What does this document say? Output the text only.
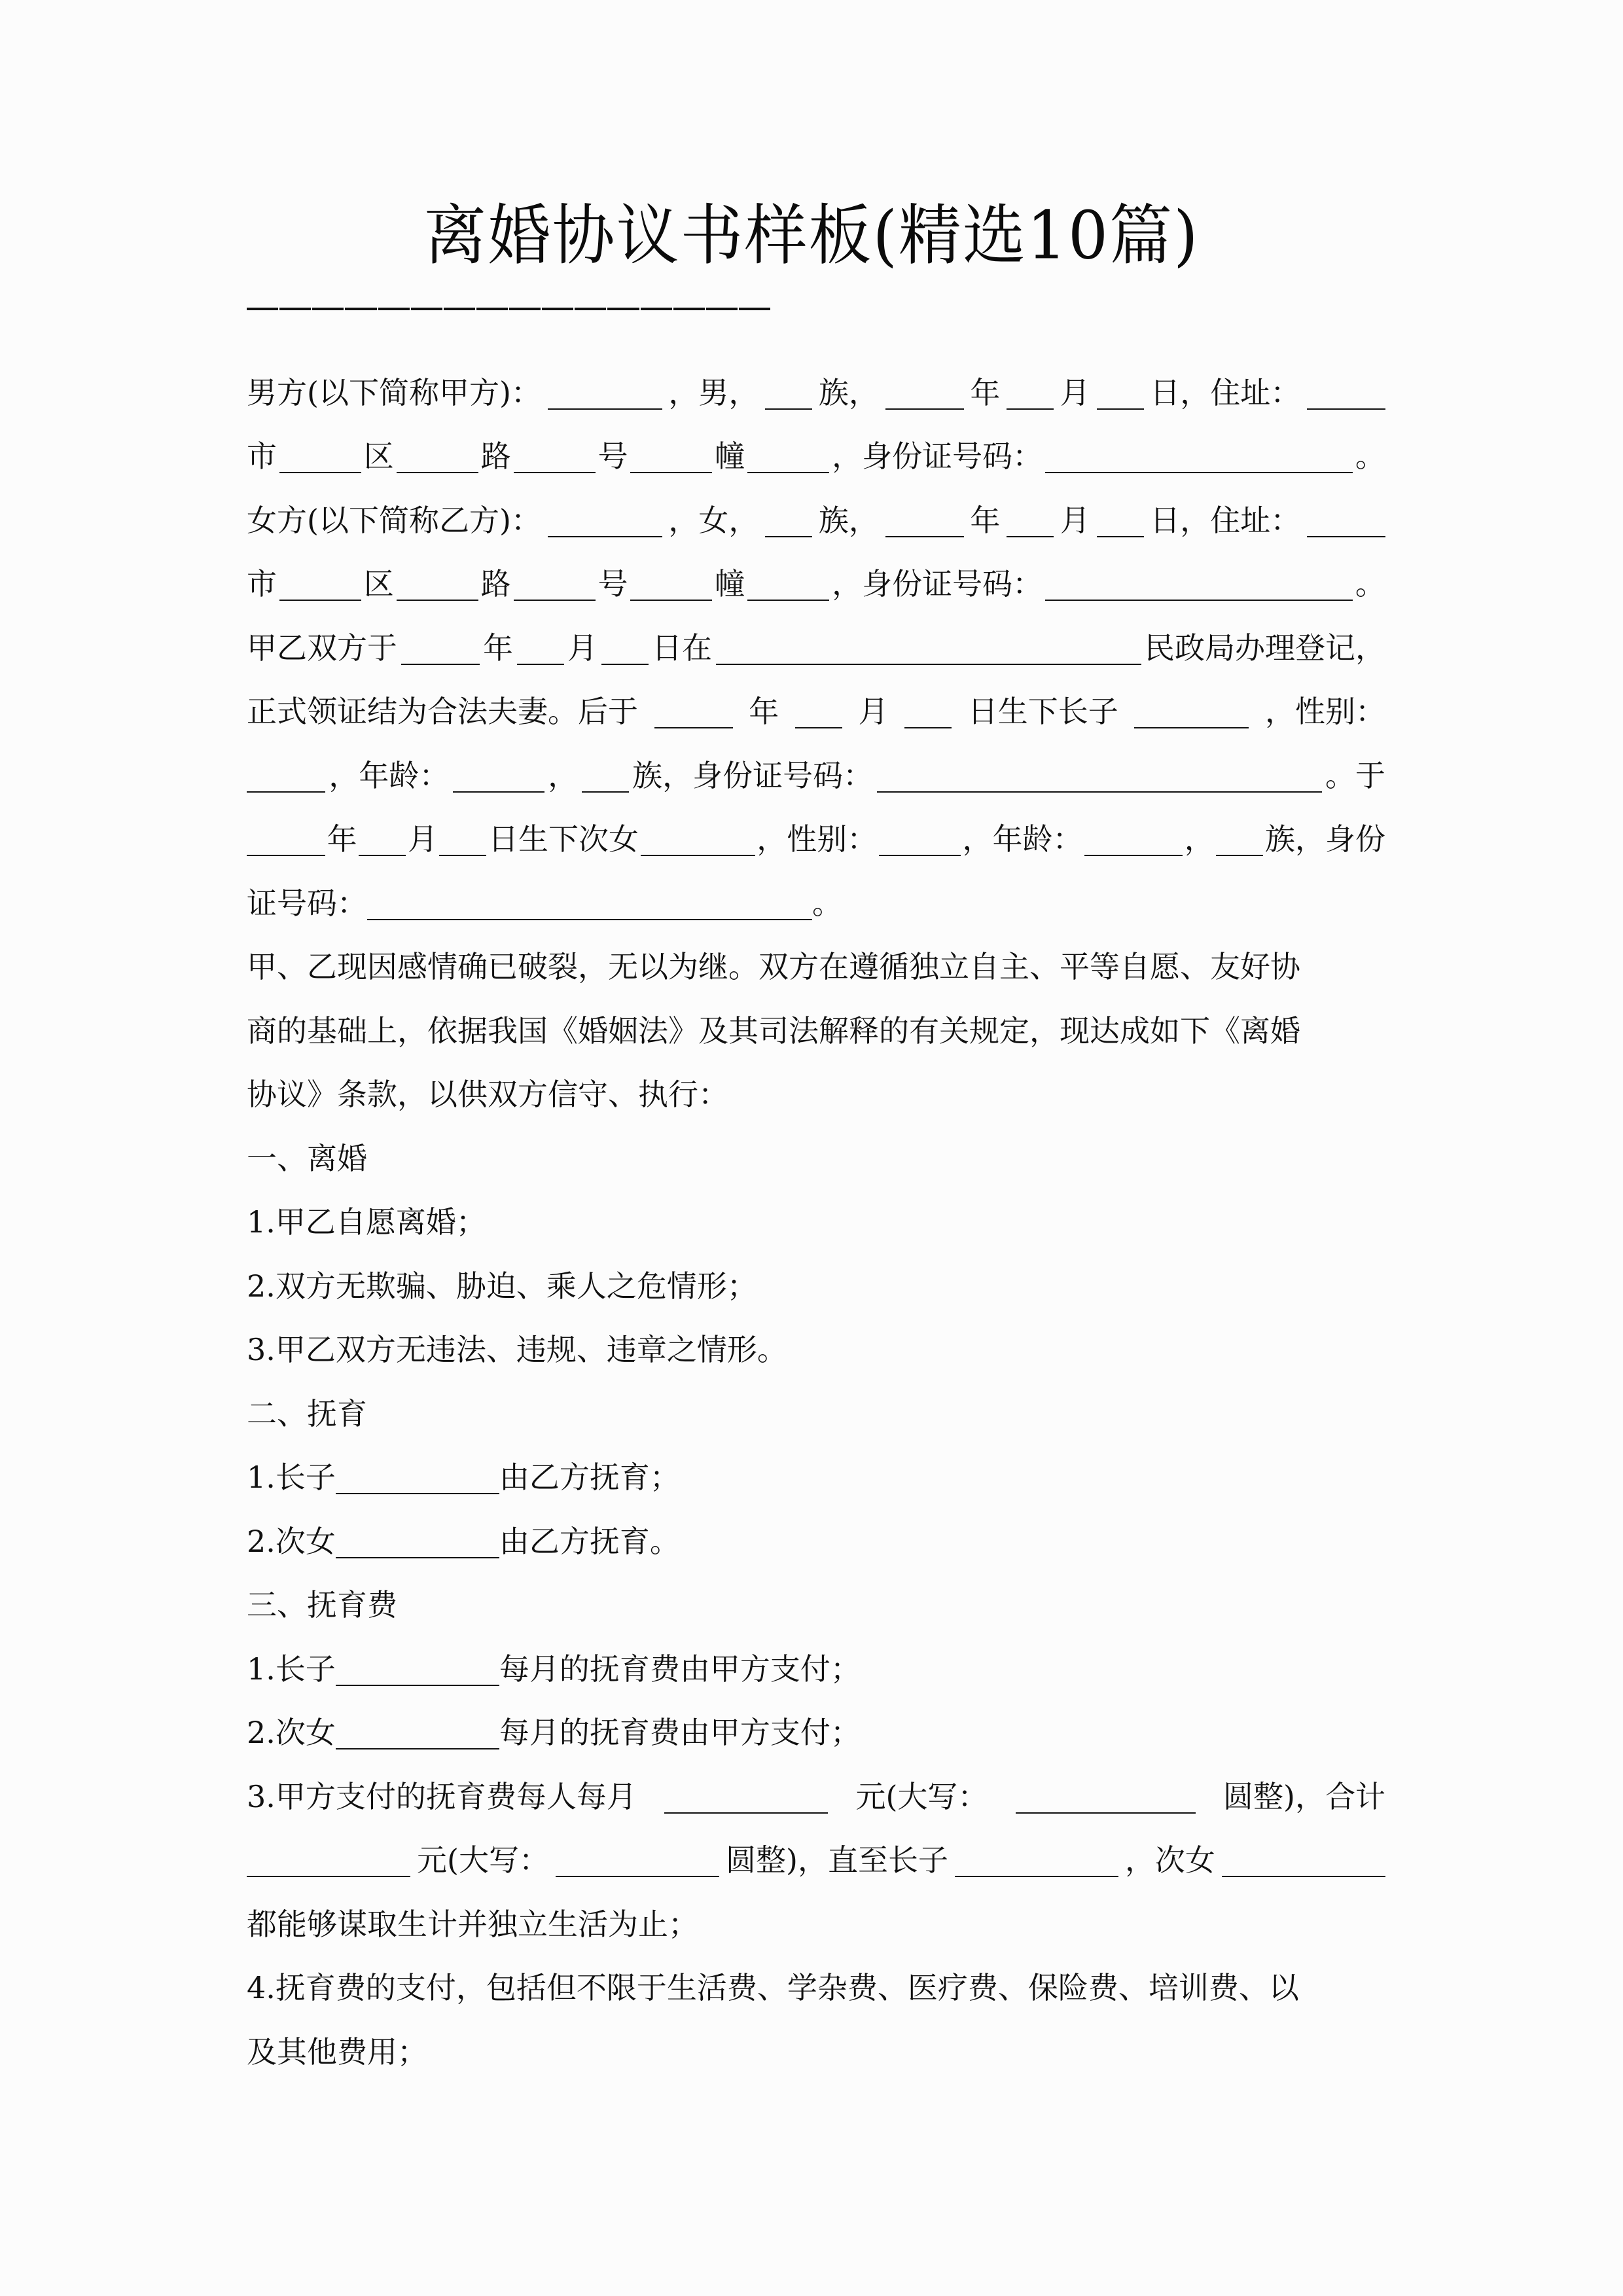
离婚协议书样板(精选10篇)
男方(以下简称甲方)：	，男， 族，	年 月 日，住址：
市	区	路	号	幢	，身份证号码：	。
女方(以下简称乙方)：	，女， 族，	年 月 日，住址：
市	区	路	号	幢	，身份证号码：	。
甲乙双方于	年 月 日在	民政局办理登记，
正式领证结为合法夫妻。后于	年	月	日生下长子	，性别：
，年龄：	， 族，身份证号码：	。于
年 月 日生下次女	，性别：	，年龄：	， 族，身份
证号码：	。
甲、乙现因感情确已破裂，无以为继。双方在遵循独立自主、平等自愿、友好协
商的基础上，依据我国《婚姻法》及其司法解释的有关规定，现达成如下《离婚
协议》条款，以供双方信守、执行：
一、离婚
1.甲乙自愿离婚；
2.双方无欺骗、胁迫、乘人之危情形；
3.甲乙双方无违法、违规、违章之情形。
二、抚育
1.长子	由乙方抚育；
2.次女	由乙方抚育。
三、抚育费
1.长子	每月的抚育费由甲方支付；
2.次女	每月的抚育费由甲方支付；
3.甲方支付的抚育费每人每月	元(大写：	圆整)，合计
元(大写：	圆整)，直至长子	，次女
都能够谋取生计并独立生活为止；
4.抚育费的支付，包括但不限于生活费、学杂费、医疗费、保险费、培训费、以
及其他费用；
